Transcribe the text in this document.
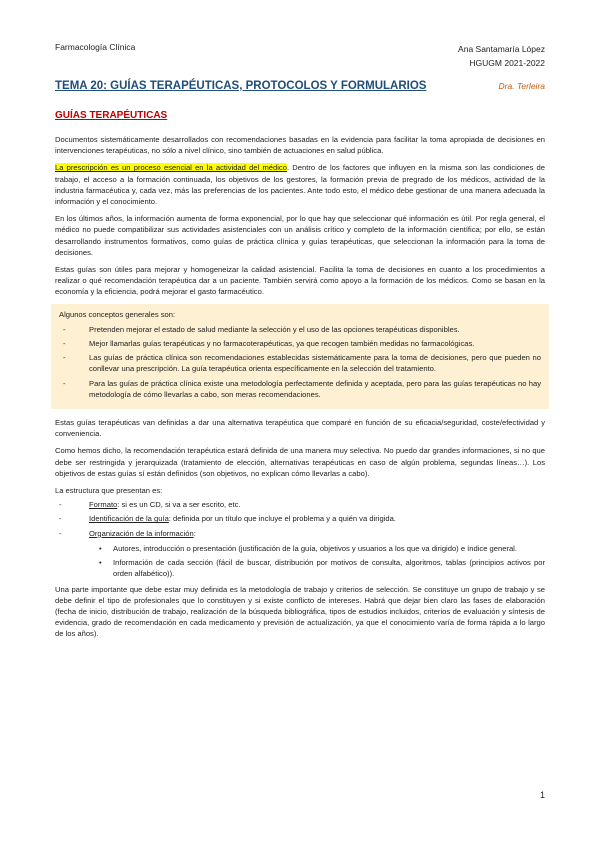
Farmacología Clínica	Ana Santamaría López
HGUGM 2021-2022
TEMA 20: GUÍAS TERAPÉUTICAS, PROTOCOLOS Y FORMULARIOS	Dra. Terleira
GUÍAS TERAPÉUTICAS

Documentos sistemáticamente desarrollados con recomendaciones basadas en la evidencia para facilitar la toma apropiada de decisiones en intervenciones terapéuticas, no sólo a nivel clínico, sino también de actuaciones en salud pública.

La prescripción es un proceso esencial en la actividad del médico. Dentro de los factores que influyen en la misma son las condiciones de trabajo, el acceso a la formación continuada, los objetivos de los gestores, la formación previa de pregrado de los médicos, actividad de la industria farmacéutica y, cada vez, más las preferencias de los pacientes. Ante todo esto, el médico debe gestionar de una manera adecuada la información y el conocimiento.

En los últimos años, la información aumenta de forma exponencial, por lo que hay que seleccionar qué información es útil. Por regla general, el médico no puede compatibilizar sus actividades asistenciales con un análisis crítico y completo de la información científica; por ello, se están desarrollando instrumentos formativos, como guías de práctica clínica y guías terapéuticas, que seleccionan la información para la toma de decisiones.

Estas guías son útiles para mejorar y homogeneizar la calidad asistencial. Facilita la toma de decisiones en cuanto a los procedimientos a realizar o qué recomendación terapéutica dar a un paciente. También servirá como apoyo a la formación de los médicos. Como se basan en la economía y la eficiencia, podrá mejorar el gasto farmacéutico.

Algunos conceptos generales son:
- Pretenden mejorar el estado de salud mediante la selección y el uso de las opciones terapéuticas disponibles.
- Mejor llamarlas guías terapéuticas y no farmacoterapéuticas, ya que recogen también medidas no farmacológicas.
- Las guías de práctica clínica son recomendaciones establecidas sistemáticamente para la toma de decisiones, pero que pueden no conllevar una prescripción. La guía terapéutica orienta específicamente en la selección del tratamiento.
- Para las guías de práctica clínica existe una metodología perfectamente definida y aceptada, pero para las guías terapéuticas no hay metodología de cómo llevarlas a cabo, son meras recomendaciones.

Estas guías terapéuticas van definidas a dar una alternativa terapéutica que comparé en función de su eficacia/seguridad, coste/efectividad y conveniencia.

Como hemos dicho, la recomendación terapéutica estará definida de una manera muy selectiva. No puedo dar grandes informaciones, si no que debe ser restringida y jerarquizada (tratamiento de elección, alternativas terapéuticas en caso de algún problema, segundas líneas…). Los objetivos de estas guías sí están definidos (son objetivos, no explican cómo llevarlas a cabo).

La estructura que presentan es:

- Formato: si es un CD, si va a ser escrito, etc.
- Identificación de la guía: definida por un título que incluye el problema y a quién va dirigida.
- Organización de la información:
• Autores, introducción o presentación (justificación de la guía, objetivos y usuarios a los que va dirigido) e índice general.
• Información de cada sección (fácil de buscar, distribución por motivos de consulta, algoritmos, tablas (principios activos por orden alfabético)).

Una parte importante que debe estar muy definida es la metodología de trabajo y criterios de selección. Se constituye un grupo de trabajo y se debe definir el tipo de profesionales que lo constituyen y si existe conflicto de intereses. Habrá que dejar bien claro las fases de elaboración (fecha de inicio, distribución de trabajo, realización de la búsqueda bibliográfica, tipos de estudios incluidos, criterios de evaluación y síntesis de evidencia, grado de recomendación en cada medicamento y previsión de actualización, ya que el conocimiento varía de forma rápida a lo largo de los años).

1
